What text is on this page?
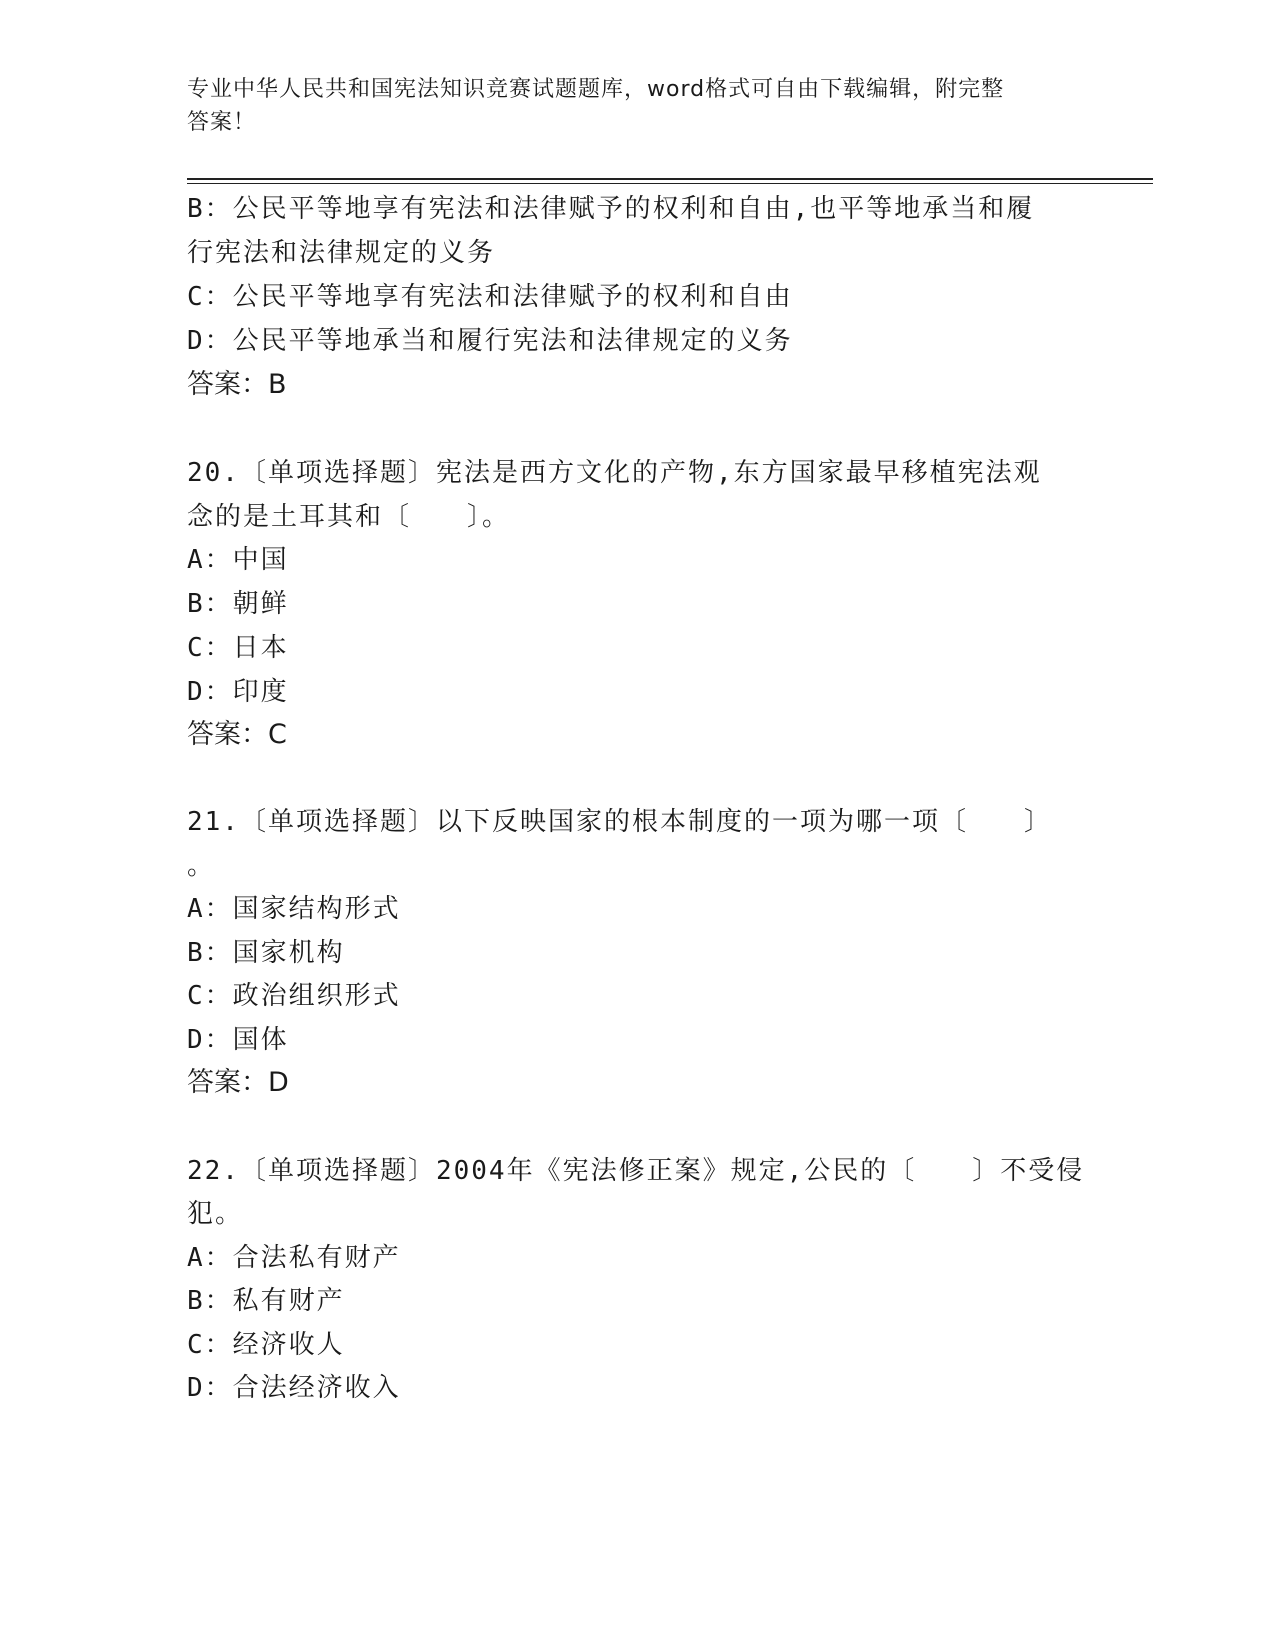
专业中华人民共和国宪法知识竞赛试题题库，word格式可自由下载编辑，附完整
答案！
B：公民平等地享有宪法和法律赋予的权利和自由,也平等地承当和履
行宪法和法律规定的义务
C：公民平等地享有宪法和法律赋予的权利和自由
D：公民平等地承当和履行宪法和法律规定的义务
答案：B
20.〔单项选择题〕宪法是西方文化的产物,东方国家最早移植宪法观
念的是土耳其和〔　　〕。
A：中国
B：朝鲜
C：日本
D：印度
答案：C
21.〔单项选择题〕以下反映国家的根本制度的一项为哪一项〔　　〕
。
A：国家结构形式
B：国家机构
C：政治组织形式
D：国体
答案：D
22.〔单项选择题〕2004年《宪法修正案》规定,公民的〔　　〕不受侵
犯。
A：合法私有财产
B：私有财产
C：经济收人
D：合法经济收入
